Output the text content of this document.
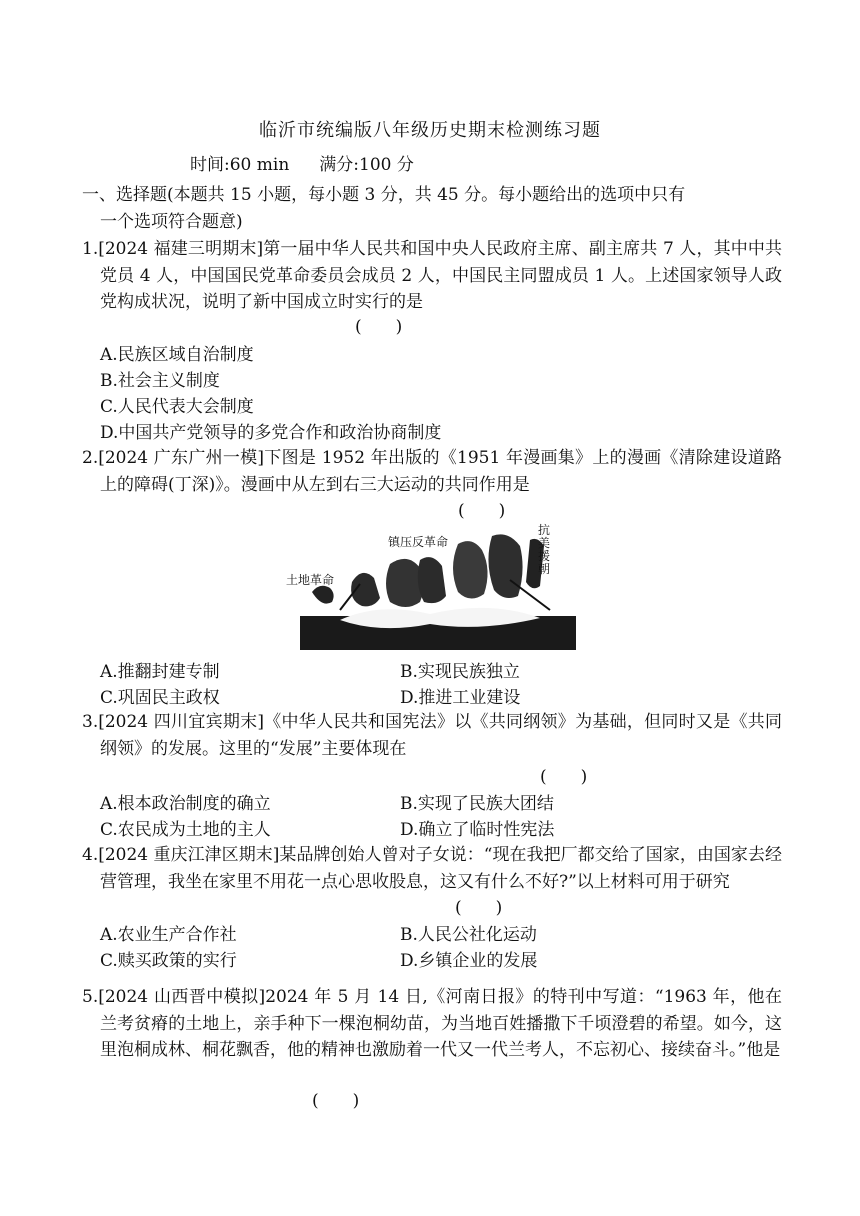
临沂市统编版八年级历史期末检测练习题
时间:60 min 满分:100 分
一、选择题(本题共 15 小题，每小题 3 分，共 45 分。每小题给出的选项中只有
一个选项符合题意)
1.[2024 福建三明期末]第一届中华人民共和国中央人民政府主席、副主席共 7 人，其中中共党员 4 人，中国国民党革命委员会成员 2 人，中国民主同盟成员 1 人。上述国家领导人政党构成状况，说明了新中国成立时实行的是
(　　)
A.民族区域自治制度
B.社会主义制度
C.人民代表大会制度
D.中国共产党领导的多党合作和政治协商制度
2.[2024 广东广州一模]下图是 1952 年出版的《1951 年漫画集》上的漫画《清除建设道路上的障碍(丁深)》。漫画中从左到右三大运动的共同作用是
(　　)
土地革命
镇压反革命
抗美援朝
A.推翻封建专制	B.实现民族独立
C.巩固民主政权	D.推进工业建设
3.[2024 四川宜宾期末]《中华人民共和国宪法》以《共同纲领》为基础，但同时又是《共同纲领》的发展。这里的“发展”主要体现在
(　　)
A.根本政治制度的确立	B.实现了民族大团结
C.农民成为土地的主人	D.确立了临时性宪法
4.[2024 重庆江津区期末]某品牌创始人曾对子女说：“现在我把厂都交给了国家，由国家去经营管理，我坐在家里不用花一点心思收股息，这又有什么不好?”以上材料可用于研究
(　　)
A.农业生产合作社	B.人民公社化运动
C.赎买政策的实行	D.乡镇企业的发展
5.[2024 山西晋中模拟]2024 年 5 月 14 日,《河南日报》的特刊中写道：“1963 年，他在兰考贫瘠的土地上，亲手种下一棵泡桐幼苗，为当地百姓播撒下千顷澄碧的希望。如今，这里泡桐成林、桐花飘香，他的精神也激励着一代又一代兰考人，不忘初心、接续奋斗。”他是
(　　)
